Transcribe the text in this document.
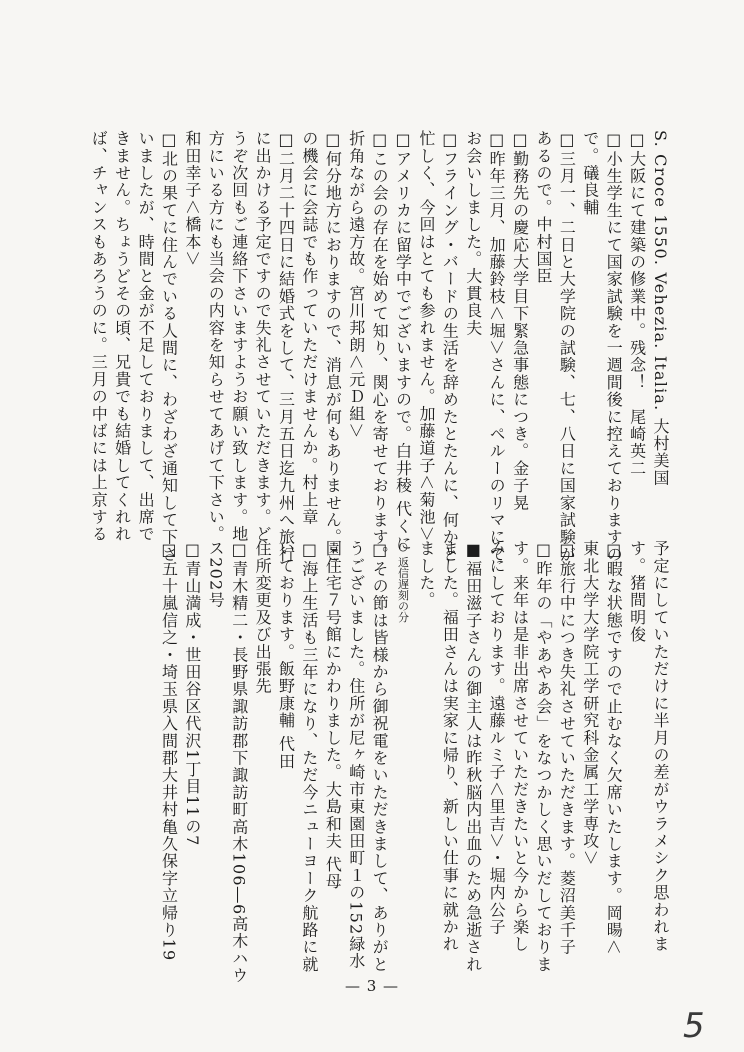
S. Croce 1550. Vehezia. Italia. 大村美国
□大阪にて建築の修業中。残念！　尾崎英二
□小生学生にて国家試験を一週間後に控えておりますの
で。礒良輔
□三月一、二日と大学院の試験、七、八日に国家試験が
あるので。中村国臣
□勤務先の慶応大学目下緊急事態につき。金子晃
□昨年三月、加藤鈴枝＜堀＞さんに、ペルーのリマにて
お会いしました。大貫良夫
□フライング・バードの生活を辞めたとたんに、何かと
忙しく、今回はとても参れません。加藤道子＜菊池＞
□アメリカに留学中でございますので。白井稜 代くに
□この会の存在を始めて知り、関心を寄せております。
折角ながら遠方故。宮川邦朗＜元Ｄ組＞
□何分地方におりますので、消息が何もありません。こ
の機会に会誌でも作っていただけませんか。村上章
□二月二十四日に結婚式をして、三月五日迄九州へ旅行
に出かける予定ですので失礼させていただきます。ど
うぞ次回もご連絡下さいますようお願い致します。地
方にいる方にも当会の内容を知らせてあげて下さい。
和田幸子＜橋本＞
□北の果てに住んでいる人間に、わざわざ通知して下さ
いましたが、時間と金が不足しておりまして、出席で
きません。ちょうどその頃、兄貴でも結婚してくれれ
ば、チャンスもあろうのに。三月の中ばには上京する
予定にしていただけに半月の差がウラメシク思われま
す。猪間明俊
□暇な状態ですので止むなく欠席いたします。岡暘＜
東北大学大学院工学研究科金属工学専攻＞
□旅行中につき失礼させていただきます。菱沼美千子
□昨年の「やあやあ会」をなつかしく思いだしておりま
す。来年は是非出席させていただきたいと今から楽し
みにしております。遠藤ルミ子＜里吉＞・堀内公子
■福田滋子さんの御主人は昨秋脳内出血のため急逝され
ました。福田さんは実家に帰り、新しい仕事に就かれ
ました。
○ 返信遅刻の分
□その節は皆様から御祝電をいただきまして、ありがと
うございました。住所が尼ヶ崎市東園田町１の152緑水
園住宅７号館にかわりました。大島和夫 代母
□海上生活も三年になり、ただ今ニューヨーク航路に就
いております。飯野康輔 代田
住所変更及び出張先
□青木精二・長野県諏訪郡下諏訪町高木106―6高木ハウ
ス202号
□青山満成・世田谷区代沢1丁目11の7
□五十嵐信之・埼玉県入間郡大井村亀久保字立帰り19
— 3 —
5
